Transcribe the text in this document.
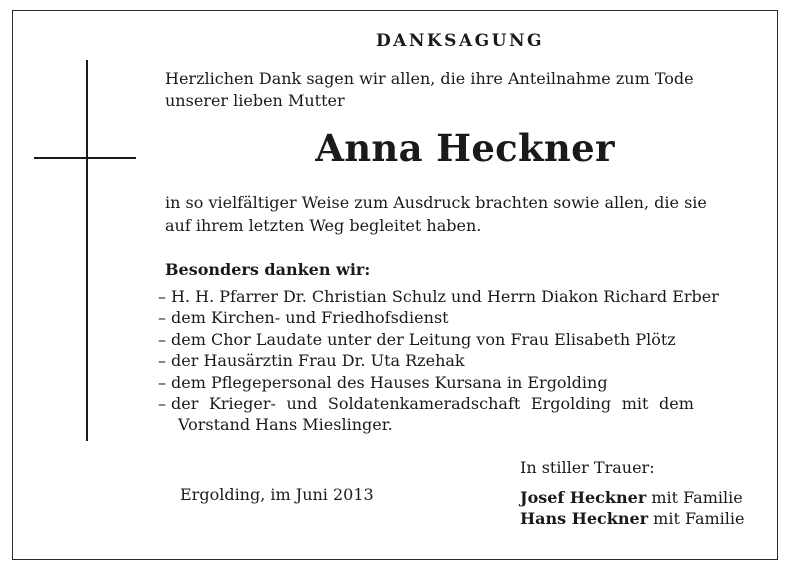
DANKSAGUNG
Herzlichen Dank sagen wir allen, die ihre Anteilnahme zum Tode
unserer lieben Mutter
Anna Heckner
in so vielfältiger Weise zum Ausdruck brachten sowie allen, die sie
auf ihrem letzten Weg begleitet haben.
Besonders danken wir:
– H. H. Pfarrer Dr. Christian Schulz und Herrn Diakon Richard Erber
– dem Kirchen- und Friedhofsdienst
– dem Chor Laudate unter der Leitung von Frau Elisabeth Plötz
– der Hausärztin Frau Dr. Uta Rzehak
– dem Pflegepersonal des Hauses Kursana in Ergolding
– der Krieger- und Soldatenkameradschaft Ergolding mit dem
Vorstand Hans Mieslinger.
Ergolding, im Juni 2013
In stiller Trauer:
Josef Heckner mit Familie
Hans Heckner mit Familie
